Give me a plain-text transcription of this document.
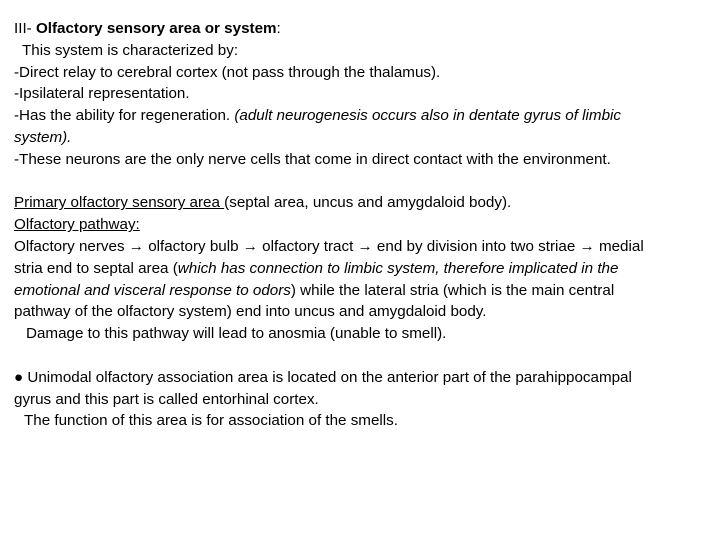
III- Olfactory sensory area or system:
This system is characterized by:
-Direct relay to cerebral cortex (not pass through the thalamus).
-Ipsilateral representation.
-Has the ability for regeneration. (adult neurogenesis occurs also in dentate gyrus of limbic
system).
-These neurons are the only nerve cells that come in direct contact with the environment.
Primary olfactory sensory area (septal area, uncus and amygdaloid body).
Olfactory pathway:
Olfactory nerves → olfactory bulb → olfactory tract → end by division into two striae → medial
stria end to septal area (which has connection to limbic system, therefore implicated in the
emotional and visceral response to odors) while the lateral stria (which is the main central
pathway of the olfactory system) end into uncus and amygdaloid body.
Damage to this pathway will lead to anosmia (unable to smell).
● Unimodal olfactory association area is located on the anterior part of the parahippocampal
gyrus and this part is called entorhinal cortex.
The function of this area is for association of the smells.
